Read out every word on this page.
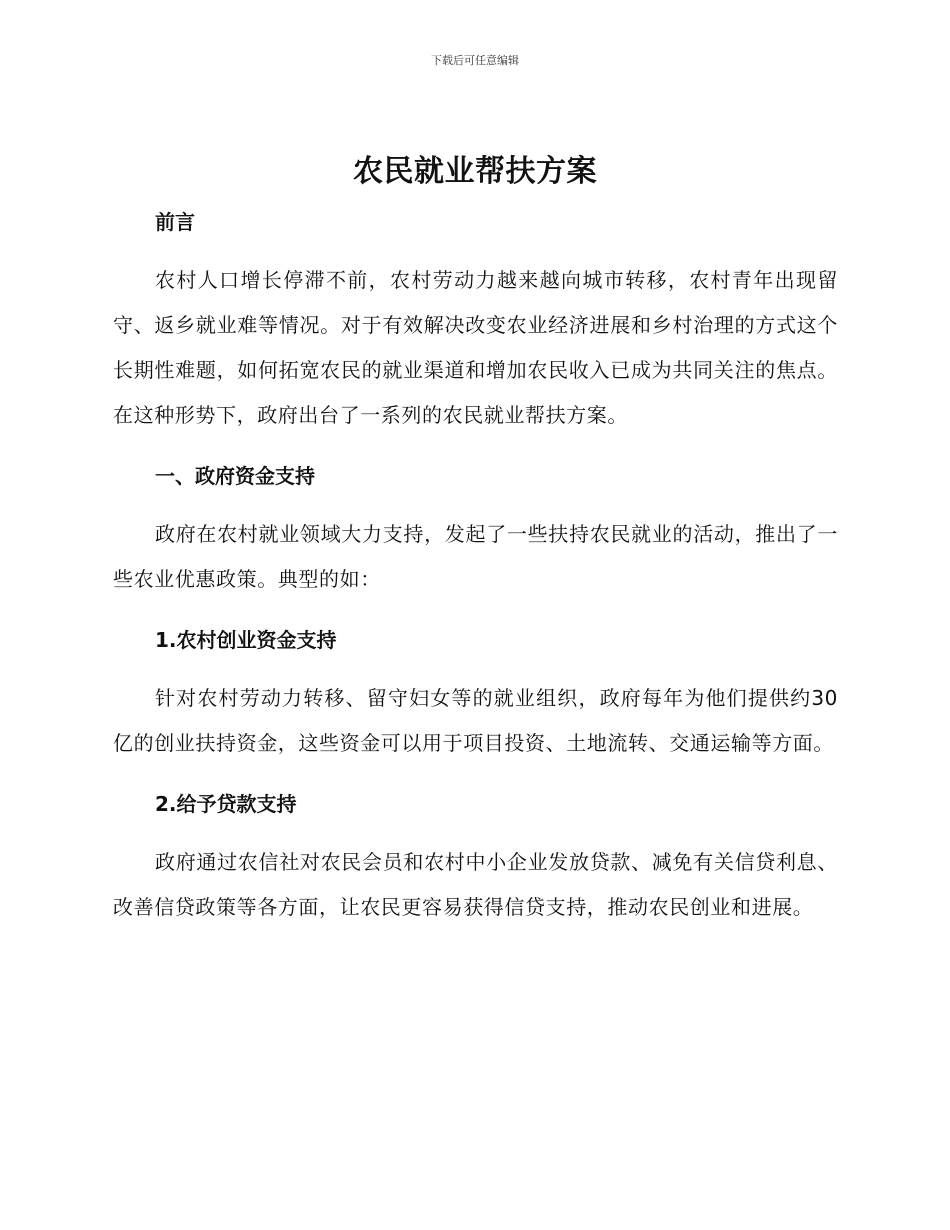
下载后可任意编辑
农民就业帮扶方案
前言

农村人口增长停滞不前，农村劳动力越来越向城市转移，农村青年出现留守、返乡就业难等情况。对于有效解决改变农业经济进展和乡村治理的方式这个长期性难题，如何拓宽农民的就业渠道和增加农民收入已成为共同关注的焦点。在这种形势下，政府出台了一系列的农民就业帮扶方案。

一、政府资金支持

政府在农村就业领域大力支持，发起了一些扶持农民就业的活动，推出了一些农业优惠政策。典型的如：

1.农村创业资金支持

针对农村劳动力转移、留守妇女等的就业组织，政府每年为他们提供约30亿的创业扶持资金，这些资金可以用于项目投资、土地流转、交通运输等方面。

2.给予贷款支持

政府通过农信社对农民会员和农村中小企业发放贷款、减免有关信贷利息、改善信贷政策等各方面，让农民更容易获得信贷支持，推动农民创业和进展。
